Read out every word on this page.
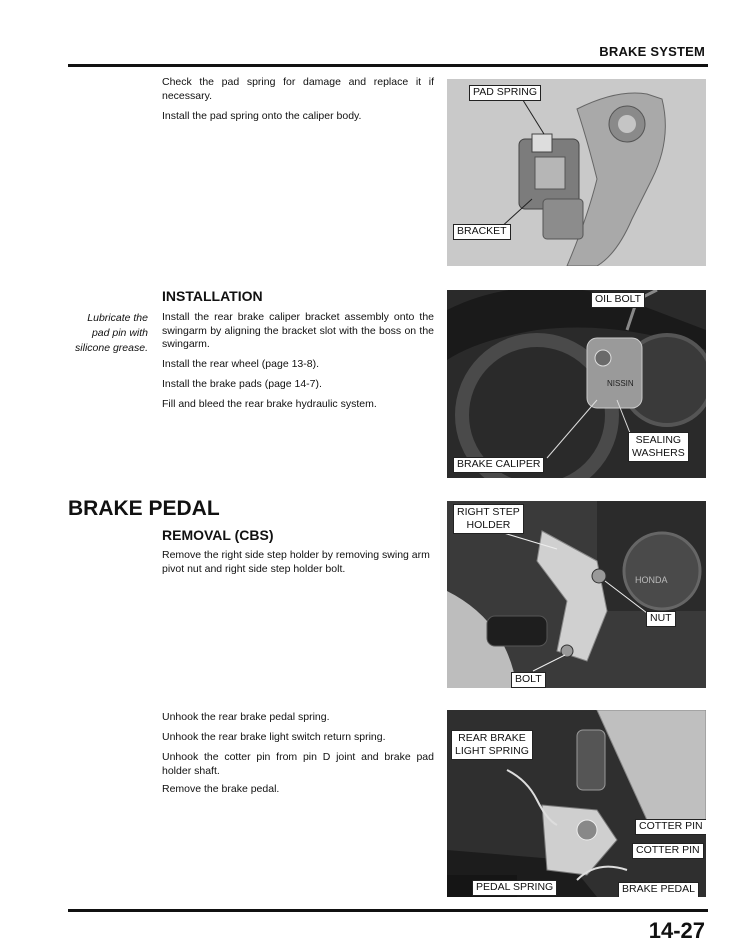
BRAKE SYSTEM
Check the pad spring for damage and replace it if necessary.
Install the pad spring onto the caliper body.
PAD SPRING
BRACKET
INSTALLATION
Lubricate the
pad pin with
silicone grease.
Install the rear brake caliper bracket assembly onto the swingarm by aligning the bracket slot with the boss on the swingarm.
Install the rear wheel (page 13-8).
Install the brake pads (page 14-7).
Fill and bleed the rear brake hydraulic system.
NISSIN
OIL BOLT
SEALING
WASHERS
BRAKE CALIPER
BRAKE PEDAL
REMOVAL (CBS)
Remove the right side step holder by removing swing arm pivot nut and right side step holder bolt.
HONDA
RIGHT STEP
HOLDER
NUT
BOLT
Unhook the rear brake pedal spring.
Unhook the rear brake light switch return spring.
Unhook the cotter pin from pin D joint and brake pad holder shaft.
Remove the brake pedal.
REAR BRAKE
LIGHT SPRING
COTTER PIN
COTTER PIN
PEDAL SPRING	BRAKE PEDAL
14-27
